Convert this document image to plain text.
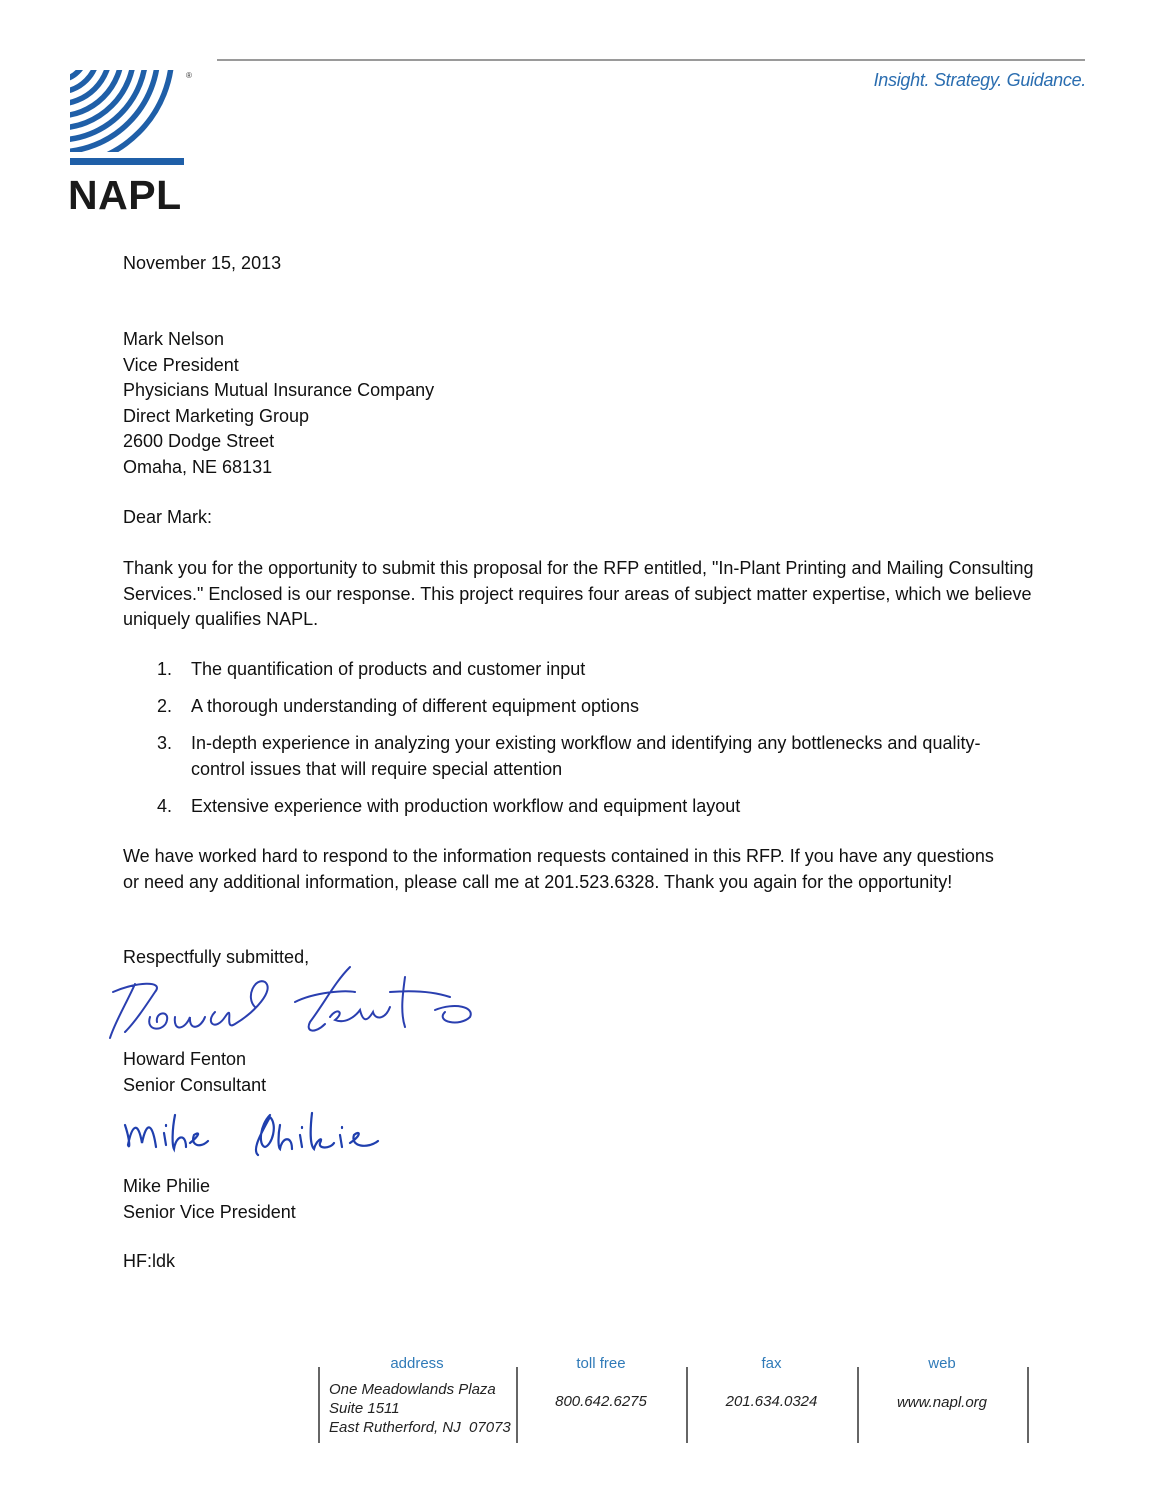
Insight. Strategy. Guidance.
®
NAPL
November 15, 2013
Mark Nelson
Vice President
Physicians Mutual Insurance Company
Direct Marketing Group
2600 Dodge Street
Omaha, NE 68131
Dear Mark:
Thank you for the opportunity to submit this proposal for the RFP entitled, "In-Plant Printing and Mailing Consulting Services." Enclosed is our response. This project requires four areas of subject matter expertise, which we believe uniquely qualifies NAPL.
1. The quantification of products and customer input
2. A thorough understanding of different equipment options
3. In-depth experience in analyzing your existing workflow and identifying any bottlenecks and quality-control issues that will require special attention
4. Extensive experience with production workflow and equipment layout
We have worked hard to respond to the information requests contained in this RFP. If you have any questions or need any additional information, please call me at 201.523.6328. Thank you again for the opportunity!
Respectfully submitted,
Howard Fenton
Senior Consultant
Mike Philie
Senior Vice President
HF:ldk
address
One Meadowlands Plaza
Suite 1511
East Rutherford, NJ  07073
toll free
800.642.6275
fax
201.634.0324
web
www.napl.org
